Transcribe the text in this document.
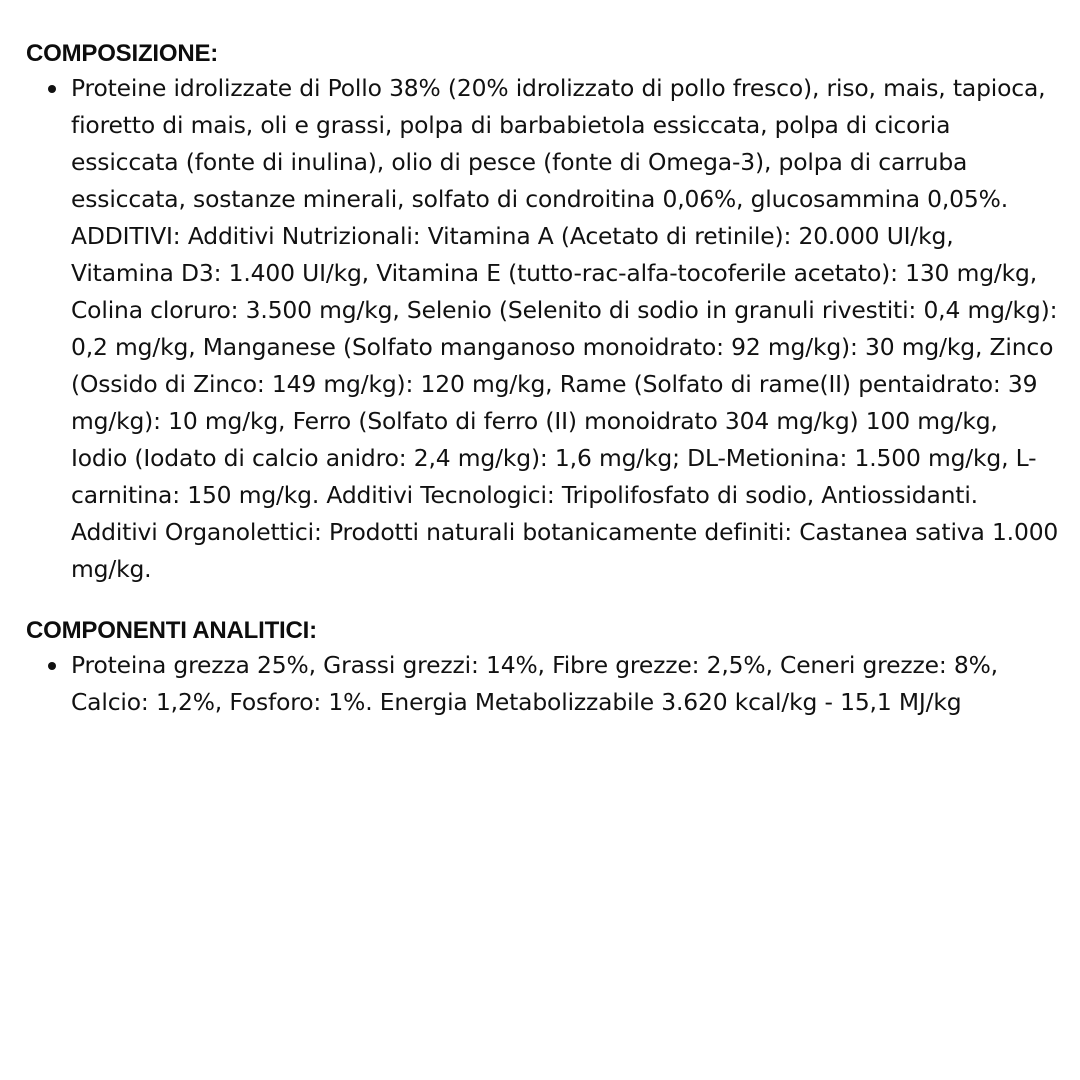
COMPOSIZIONE:
Proteine idrolizzate di Pollo 38% (20% idrolizzato di pollo fresco), riso, mais, tapioca, fioretto di mais, oli e grassi, polpa di barbabietola essiccata, polpa di cicoria essiccata (fonte di inulina), olio di pesce (fonte di Omega-3), polpa di carruba essiccata, sostanze minerali, solfato di condroitina 0,06%, glucosammina 0,05%. ADDITIVI: Additivi Nutrizionali: Vitamina A (Acetato di retinile): 20.000 UI/kg, Vitamina D3: 1.400 UI/kg, Vitamina E (tutto-rac-alfa-tocoferile acetato): 130 mg/kg, Colina cloruro: 3.500 mg/kg, Selenio (Selenito di sodio in granuli rivestiti: 0,4 mg/kg): 0,2 mg/kg, Manganese (Solfato manganoso monoidrato: 92 mg/kg): 30 mg/kg, Zinco (Ossido di Zinco: 149 mg/kg): 120 mg/kg, Rame (Solfato di rame(II) pentaidrato: 39 mg/kg): 10 mg/kg, Ferro (Solfato di ferro (II) monoidrato 304 mg/kg) 100 mg/kg, Iodio (Iodato di calcio anidro: 2,4 mg/kg): 1,6 mg/kg; DL-Metionina: 1.500 mg/kg, L-carnitina: 150 mg/kg. Additivi Tecnologici: Tripolifosfato di sodio, Antiossidanti. Additivi Organolettici: Prodotti naturali botanicamente definiti: Castanea sativa 1.000 mg/kg.
COMPONENTI ANALITICI:
Proteina grezza 25%, Grassi grezzi: 14%, Fibre grezze: 2,5%, Ceneri grezze: 8%, Calcio: 1,2%, Fosforo: 1%. Energia Metabolizzabile 3.620 kcal/kg - 15,1 MJ/kg
